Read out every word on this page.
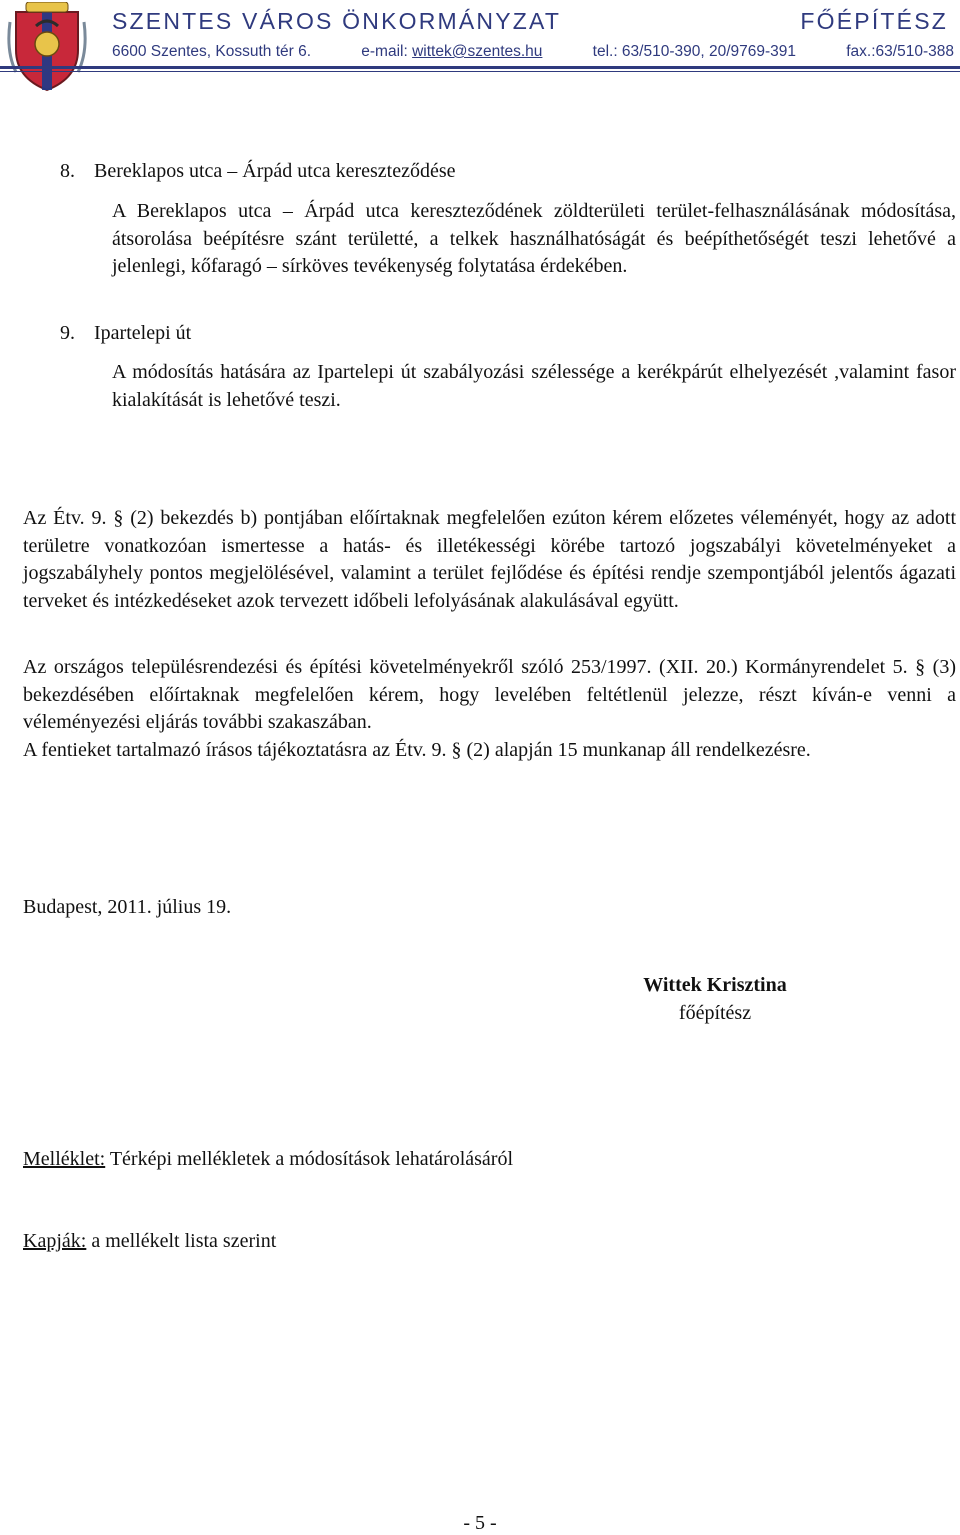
SZENTES VÁROS ÖNKORMÁNYZAT	FŐÉPÍTÉSZ
6600 Szentes, Kossuth tér 6.	e-mail: wittek@szentes.hu	tel.: 63/510-390, 20/9769-391	fax.:63/510-388
8. Bereklapos utca – Árpád utca kereszteződése
A Bereklapos utca – Árpád utca kereszteződének zöldterületi terület-felhasználásának módosítása, átsorolása beépítésre szánt területté, a telkek használhatóságát és beépíthetőségét teszi lehetővé a jelenlegi, kőfaragó – sírköves tevékenység folytatása érdekében.
9. Ipartelepi út
A módosítás hatására az Ipartelepi út szabályozási szélessége a kerékpárút elhelyezését ,valamint fasor kialakítását is lehetővé teszi.
Az Étv. 9. § (2) bekezdés b) pontjában előírtaknak megfelelően ezúton kérem előzetes véleményét, hogy az adott területre vonatkozóan ismertesse a hatás- és illetékességi körébe tartozó jogszabályi követelményeket a jogszabályhely pontos megjelölésével, valamint a terület fejlődése és építési rendje szempontjából jelentős ágazati terveket és intézkedéseket azok tervezett időbeli lefolyásának alakulásával együtt.
Az országos településrendezési és építési követelményekről szóló 253/1997. (XII. 20.) Kormányrendelet 5. § (3) bekezdésében előírtaknak megfelelően kérem, hogy levelében feltétlenül jelezze, részt kíván-e venni a véleményezési eljárás további szakaszában.
A fentieket tartalmazó írásos tájékoztatásra az Étv. 9. § (2) alapján 15 munkanap áll rendelkezésre.
Budapest, 2011. július 19.
Wittek Krisztina
főépítész
Melléklet: Térképi mellékletek a módosítások lehatárolásáról
Kapják: a mellékelt lista szerint
- 5 -
